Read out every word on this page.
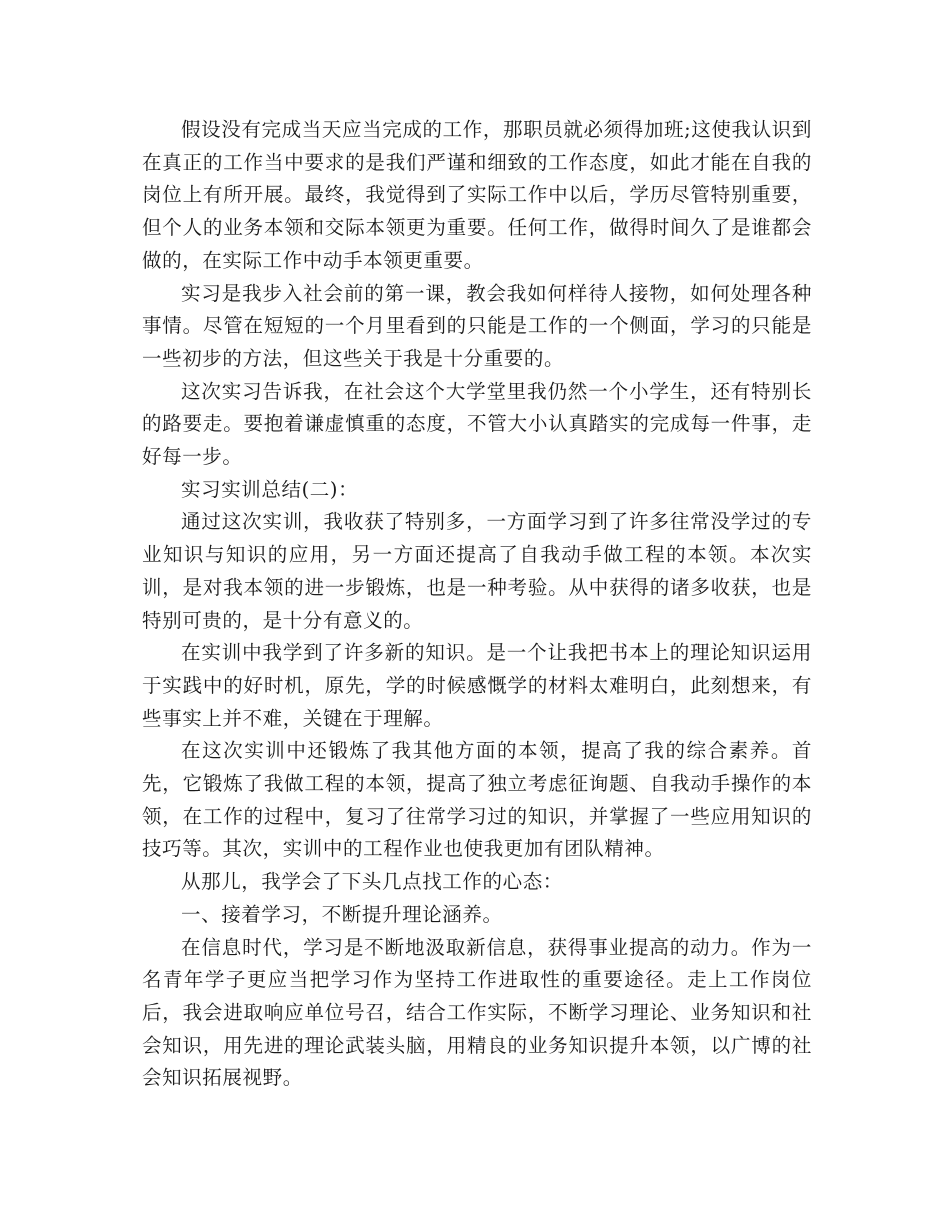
假设没有完成当天应当完成的工作，那职员就必须得加班;这使我认识到在真正的工作当中要求的是我们严谨和细致的工作态度，如此才能在自我的岗位上有所开展。最终，我觉得到了实际工作中以后，学历尽管特别重要，但个人的业务本领和交际本领更为重要。任何工作，做得时间久了是谁都会做的，在实际工作中动手本领更重要。

实习是我步入社会前的第一课，教会我如何样待人接物，如何处理各种事情。尽管在短短的一个月里看到的只能是工作的一个侧面，学习的只能是一些初步的方法，但这些关于我是十分重要的。

这次实习告诉我，在社会这个大学堂里我仍然一个小学生，还有特别长的路要走。要抱着谦虚慎重的态度，不管大小认真踏实的完成每一件事，走好每一步。

实习实训总结(二)：

通过这次实训，我收获了特别多，一方面学习到了许多往常没学过的专业知识与知识的应用，另一方面还提高了自我动手做工程的本领。本次实训，是对我本领的进一步锻炼，也是一种考验。从中获得的诸多收获，也是特别可贵的，是十分有意义的。

在实训中我学到了许多新的知识。是一个让我把书本上的理论知识运用于实践中的好时机，原先，学的时候感慨学的材料太难明白，此刻想来，有些事实上并不难，关键在于理解。

在这次实训中还锻炼了我其他方面的本领，提高了我的综合素养。首先，它锻炼了我做工程的本领，提高了独立考虑征询题、自我动手操作的本领，在工作的过程中，复习了往常学习过的知识，并掌握了一些应用知识的技巧等。其次，实训中的工程作业也使我更加有团队精神。

从那儿，我学会了下头几点找工作的心态：

一、接着学习，不断提升理论涵养。

在信息时代，学习是不断地汲取新信息，获得事业提高的动力。作为一名青年学子更应当把学习作为坚持工作进取性的重要途径。走上工作岗位后，我会进取响应单位号召，结合工作实际，不断学习理论、业务知识和社会知识，用先进的理论武装头脑，用精良的业务知识提升本领，以广博的社会知识拓展视野。
